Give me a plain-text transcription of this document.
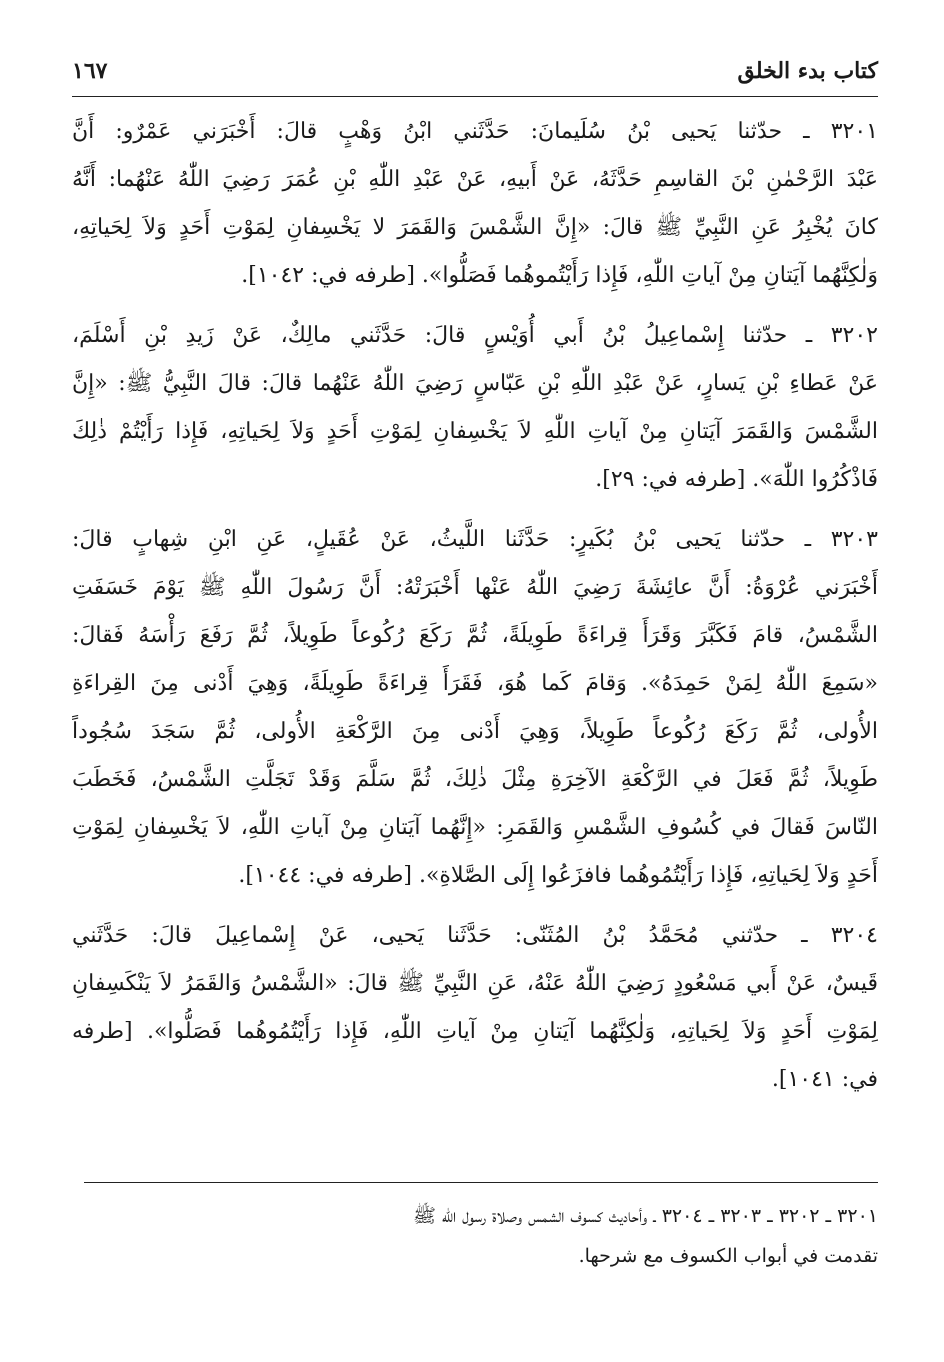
كتاب بدء الخلق
١٦٧
٣٢٠١ ـ حدّثنا يَحيى بْنُ سُلَيمانَ: حَدَّثَني ابْنُ وَهْبٍ قالَ: أَخْبَرَني عَمْرٌو: أَنَّ
عَبْدَ الرَّحْمٰنِ بْنَ القاسِمِ حَدَّثَهُ، عَنْ أَبيهِ، عَنْ عَبْدِ اللّٰهِ بْنِ عُمَرَ رَضِيَ اللّٰهُ عَنْهُما: أَنَّهُ
كانَ يُخْبِرُ عَنِ النَّبِيِّ ﷺ قالَ: «إِنَّ الشَّمْسَ وَالقَمَرَ لا يَخْسِفانِ لِمَوْتِ أَحَدٍ وَلاَ لِحَياتِهِ،
وَلٰكِنَّهُما آيَتانِ مِنْ آياتِ اللّٰهِ، فَإِذا رَأَيْتُموهُما فَصَلُّوا». [طرفه في: ١٠٤٢].
٣٢٠٢ ـ حدّثنا إِسْماعِيلُ بْنُ أَبي أُوَيْسٍ قالَ: حَدَّثَني مالِكٌ، عَنْ زَيدِ بْنِ أَسْلَمَ،
عَنْ عَطاءِ بْنِ يَسارٍ، عَنْ عَبْدِ اللّٰهِ بْنِ عَبّاسٍ رَضِيَ اللّٰهُ عَنْهُما قالَ: قالَ النَّبِيُّ ﷺ: «إِنَّ
الشَّمْسَ وَالقَمَرَ آيَتانِ مِنْ آياتِ اللّٰهِ لاَ يَخْسِفانِ لِمَوْتِ أَحَدٍ وَلاَ لِحَياتِهِ، فَإِذا رَأَيْتُمْ ذٰلِكَ
فَاذْكُرُوا اللّٰهَ». [طرفه في: ٢٩].
٣٢٠٣ ـ حدّثنا يَحيى بْنُ بُكَيرٍ: حَدَّثَنا اللَّيثُ، عَنْ عُقَيلٍ، عَنِ ابْنِ شِهابٍ قالَ:
أَخْبَرَني عُرْوَةُ: أَنَّ عائِشَةَ رَضِيَ اللّٰهُ عَنْها أَخْبَرَتْهُ: أَنَّ رَسُولَ اللّٰهِ ﷺ يَوْمَ خَسَفَتِ
الشَّمْسُ، قامَ فَكَبَّرَ وَقَرَأَ قِراءَةً طَوِيلَةً، ثُمَّ رَكَعَ رُكُوعاً طَوِيلاً، ثُمَّ رَفَعَ رَأْسَهُ فَقالَ:
«سَمِعَ اللّٰهُ لِمَنْ حَمِدَهُ». وَقامَ كَما هُوَ، فَقَرَأَ قِراءَةً طَوِيلَةً، وَهِيَ أَدْنى مِنَ القِراءَةِ
الأُولى، ثُمَّ رَكَعَ رُكُوعاً طَوِيلاً، وَهِيَ أَدْنى مِنَ الرَّكْعَةِ الأُولى، ثُمَّ سَجَدَ سُجُوداً
طَوِيلاً، ثُمَّ فَعَلَ في الرَّكْعَةِ الآخِرَةِ مِثْلَ ذٰلِكَ، ثُمَّ سَلَّمَ وَقَدْ تَجَلَّتِ الشَّمْسُ، فَخَطَبَ
النّاسَ فَقالَ في كُسُوفِ الشَّمْسِ وَالقَمَرِ: «إِنَّهُما آيَتانِ مِنْ آياتِ اللّٰهِ، لاَ يَخْسِفانِ لِمَوْتِ
أَحَدٍ وَلاَ لِحَياتِهِ، فَإِذا رَأَيْتُمُوهُما فافزَعُوا إِلَى الصَّلاةِ». [طرفه في: ١٠٤٤].
٣٢٠٤ ـ حدّثني مُحَمَّدُ بْنُ المُثَنّى: حَدَّثَنا يَحيى، عَنْ إِسْماعِيلَ قالَ: حَدَّثَني
قَيسٌ، عَنْ أَبي مَسْعُودٍ رَضِيَ اللّٰهُ عَنْهُ، عَنِ النَّبِيِّ ﷺ قالَ: «الشَّمْسُ وَالقَمَرُ لاَ يَنْكَسِفانِ
لِمَوْتِ أَحَدٍ وَلاَ لِحَياتِهِ، وَلٰكِنَّهُما آيَتانِ مِنْ آياتِ اللّٰهِ، فَإِذا رَأَيْتُمُوهُما فَصَلُّوا». [طرفه
في: ١٠٤١].
٣٢٠١ ـ ٣٢٠٢ ـ ٣٢٠٣ ـ ٣٢٠٤ ـ وأحاديث كسوف الشمس وصلاة رسول الله ﷺ
تقدمت في أبواب الكسوف مع شرحها.
